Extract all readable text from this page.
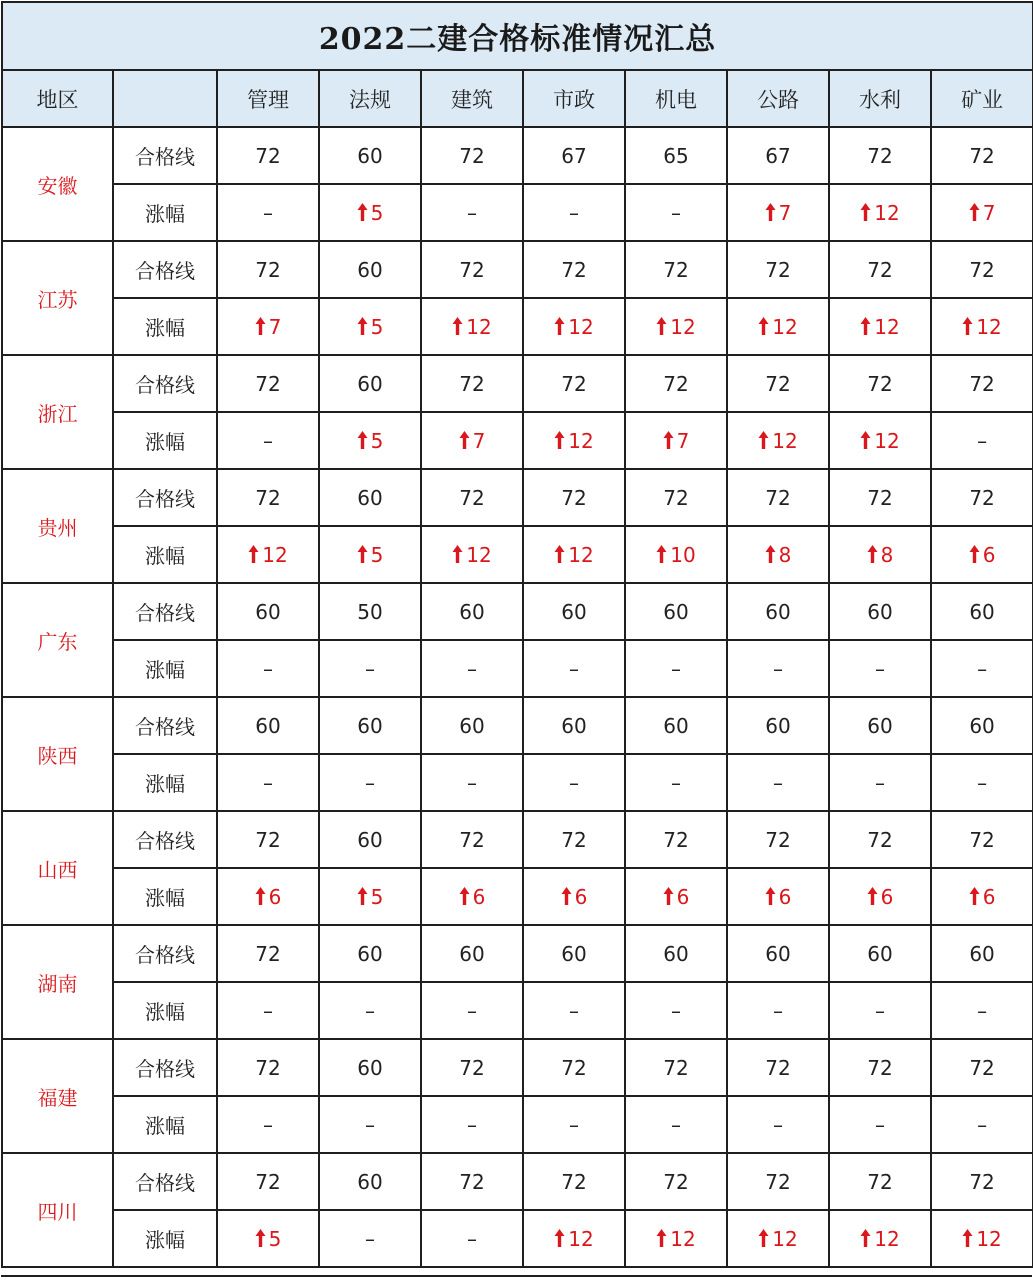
2022二建合格标准情况汇总									
地区		管理	法规	建筑	市政	机电	公路	水利	矿业
安徽	合格线	72	60	72	67	65	67	72	72
	涨幅	–	5	–	–	–	7	12	7
江苏	合格线	72	60	72	72	72	72	72	72
	涨幅	7	5	12	12	12	12	12	12
浙江	合格线	72	60	72	72	72	72	72	72
	涨幅	–	5	7	12	7	12	12	–
贵州	合格线	72	60	72	72	72	72	72	72
	涨幅	12	5	12	12	10	8	8	6
广东	合格线	60	50	60	60	60	60	60	60
	涨幅	–	–	–	–	–	–	–	–
陕西	合格线	60	60	60	60	60	60	60	60
	涨幅	–	–	–	–	–	–	–	–
山西	合格线	72	60	72	72	72	72	72	72
	涨幅	6	5	6	6	6	6	6	6
湖南	合格线	72	60	60	60	60	60	60	60
	涨幅	–	–	–	–	–	–	–	–
福建	合格线	72	60	72	72	72	72	72	72
	涨幅	–	–	–	–	–	–	–	–
四川	合格线	72	60	72	72	72	72	72	72
	涨幅	5	–	–	12	12	12	12	12
